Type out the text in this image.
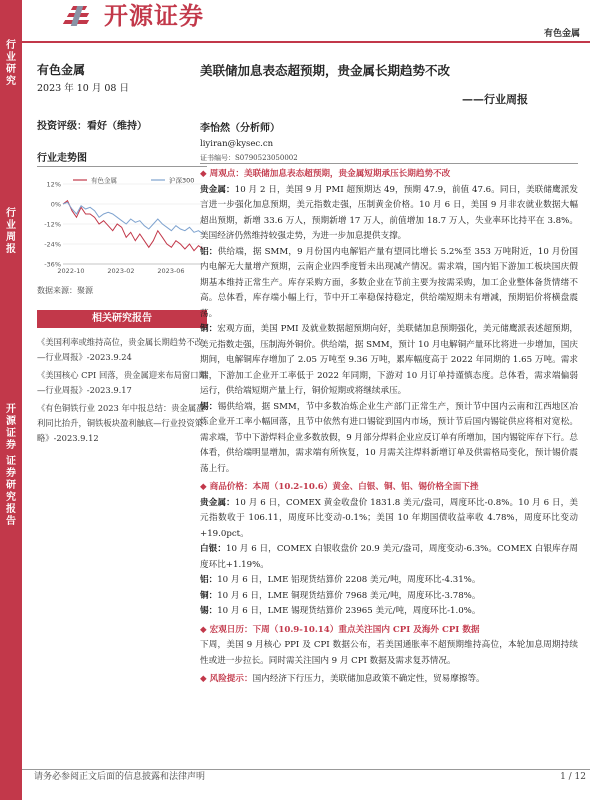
行业研究
行业周报
开源证券
证券研究报告
开源证券
有色金属
有色金属
2023 年 10 月 08 日
投资评级：看好（维持）
行业走势图
12%
0%
-12%
-24%
-36%
2022-10	2023-02	2023-06
有色金属	沪深300
数据来源：聚源
相关研究报告
《美国利率或维持高位，贵金属长期趋势不改 —行业周报》-2023.9.24
《美国核心 CPI 回落，贵金属迎来布局窗口期—行业周报》-2023.9.17
《有色铜铁行业 2023 年中报总结：贵金属盈利同比抬升，铜铁板块盈利触底—行业投资策略》-2023.9.12
美联储加息表态超预期，贵金属长期趋势不改
——行业周报
李怡然（分析师）
liyiran@kysec.cn
证书编号：S0790523050002

◆ 周观点：美联储加息表态超预期，贵金属短期承压长期趋势不改

贵金属：10 月 2 日，美国 9 月 PMI 超预期达 49，预期 47.9，前值 47.6。同日，美联储鹰派发言进一步强化加息预期，美元指数走强，压制黄金价格。10 月 6 日，美国 9 月非农就业数据大幅超出预期，新增 33.6 万人，预期新增 17 万人，前值增加 18.7 万人，失业率环比持平在 3.8%。美国经济仍然维持较强走势，为进一步加息提供支撑。

铝：供给端，据 SMM，9 月份国内电解铝产量有望同比增长 5.2%至 353 万吨附近，10 月份国内电解无大量增产预期，云南企业四季度暂未出现减产情况。需求端，国内铝下游加工板块国庆假期基本维持正常生产。库存采购方面，多数企业在节前主要为按需采购，加工企业整体备货情绪不高。总体看，库存端小幅上行，节中开工率稳保持稳定，供给端短期未有增减，预期铝价将横盘震荡。

铜：宏观方面，美国 PMI 及就业数据超预期向好，美联储加息预期强化，美元储鹰派表述超预期，美元指数走强，压制海外铜价。供给端，据 SMM，预计 10 月电解铜产量环比将进一步增加，国庆期间，电解铜库存增加了 2.05 万吨至 9.36 万吨，累库幅度高于 2022 年同期的 1.65 万吨。需求端，下游加工企业开工率低于 2022 年同期，下游对 10 月订单持谨慎态度。总体看，需求端偏弱运行，供给端短期产量上行，铜价短期或将继续承压。

锡：锡供给端，据 SMM，节中多数冶炼企业生产部门正常生产，预计节中国内云南和江西地区冶炼企业开工率小幅回落，且节中依然有进口锡锭到国内市场，预计节后国内锡锭供应将相对宽松。需求端，节中下游焊料企业多数放假，9 月部分焊料企业应反订单有所增加，国内锡锭库存下行。总体看，供给端明显增加，需求端有所恢复，10 月需关注焊料新增订单及供需格局变化，预计锡价震荡上行。

◆ 商品价格：本周（10.2-10.6）黄金、白银、铜、铝、锡价格全面下挫

贵金属：10 月 6 日，COMEX 黄金收盘价 1831.8 美元/盎司，周度环比-0.8%。10 月 6 日，美元指数收于 106.11，周度环比变动-0.1%；美国 10 年期国债收益率收 4.78%，周度环比变动+19.0pct。

白银：10 月 6 日，COMEX 白银收盘价 20.9 美元/盎司，周度变动-6.3%。COMEX 白银库存周度环比+1.19%。

铝：10 月 6 日，LME 铝现货结算价 2208 美元/吨，周度环比-4.31%。

铜：10 月 6 日，LME 铜现货结算价 7968 美元/吨，周度环比-3.78%。

锡：10 月 6 日，LME 锡现货结算价 23965 美元/吨，周度环比-1.0%。

◆ 宏观日历：下周（10.9-10.14）重点关注国内 CPI 及海外 CPI 数据

下周，美国 9 月核心 PPI 及 CPI 数据公布，若美国通胀率不超预期维持高位，本轮加息周期持续性或进一步拉长。同时需关注国内 9 月 CPI 数据及需求复苏情况。

◆ 风险提示：国内经济下行压力，美联储加息政策不确定性，贸易摩擦等。

请务必参阅正文后面的信息披露和法律声明	1 / 12
